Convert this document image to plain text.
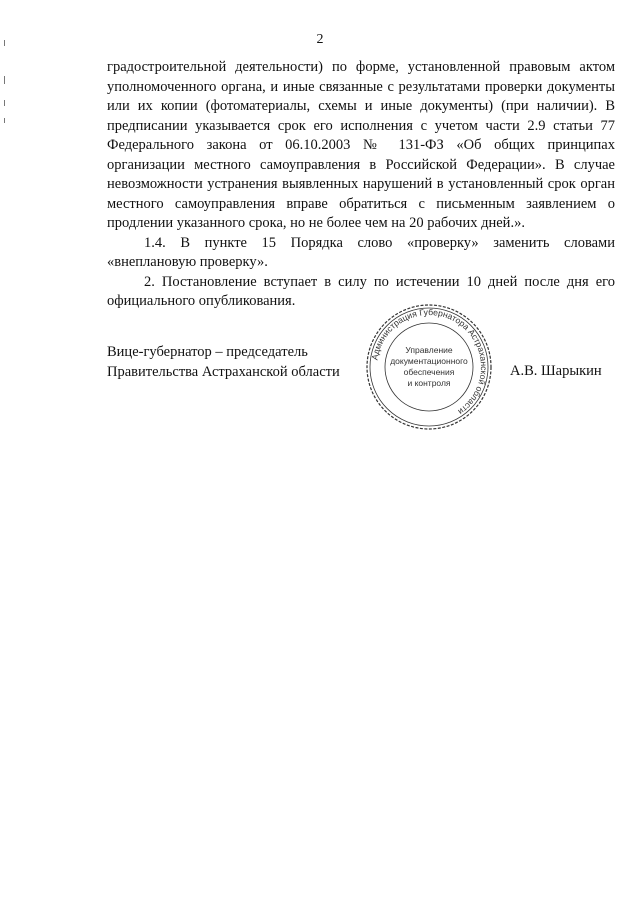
2

градостроительной деятельности) по форме, установленной правовым актом уполномоченного органа, и иные связанные с результатами проверки документы или их копии (фотоматериалы, схемы и иные документы) (при наличии). В предписании указывается срок его исполнения с учетом части 2.9 статьи 77 Федерального закона от 06.10.2003 № 131-ФЗ «Об общих принципах организации местного самоуправления в Российской Федерации». В случае невозможности устранения выявленных нарушений в установленный срок орган местного самоуправления вправе обратиться с письменным заявлением о продлении указанного срока, но не более чем на 20 рабочих дней.».

1.4. В пункте 15 Порядка слово «проверку» заменить словами «внеплановую проверку».

2. Постановление вступает в силу по истечении 10 дней после дня его официального опубликования.

Вице-губернатор – председатель
Правительства Астраханской области	А.В. Шарыкин
Администрация Губернатора Астраханской области
Управление
документационного
обеспечения
и контроля
